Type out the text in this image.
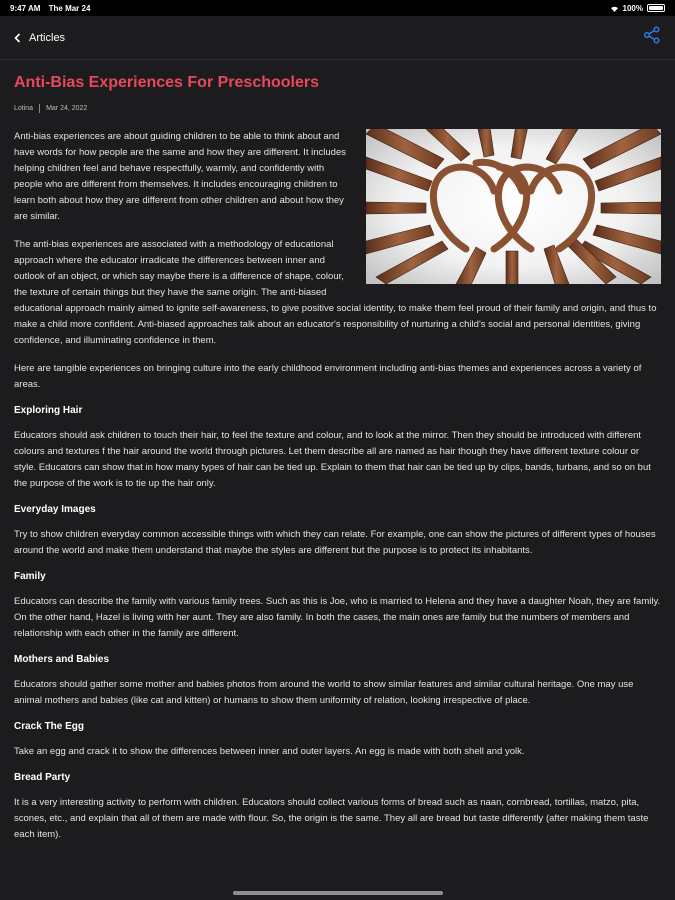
9:47 AM The Mar 24	100%
Articles
Anti-Bias Experiences For Preschoolers
Lotina Mar 24, 2022

Anti-bias experiences are about guiding children to be able to think about and have words for how people are the same and how they are different. It includes helping children feel and behave respectfully, warmly, and confidently with people who are different from themselves. It includes encouraging children to learn both about how they are different from other children and about how they are similar.

The anti-bias experiences are associated with a methodology of educational approach where the educator irradicate the differences between inner and outlook of an object, or which say maybe there is a difference of shape, colour, the texture of certain things but they have the same origin. The anti-biased educational approach mainly aimed to ignite self-awareness, to give positive social identity, to make them feel proud of their family and origin, and thus to make a child more confident. Anti-biased approaches talk about an educator's responsibility of nurturing a child's social and personal identities, giving confidence, and illuminating confidence in them.

Here are tangible experiences on bringing culture into the early childhood environment including anti-bias themes and experiences across a variety of areas.

Exploring Hair

Educators should ask children to touch their hair, to feel the texture and colour, and to look at the mirror. Then they should be introduced with different colours and textures f the hair around the world through pictures. Let them describe all are named as hair though they have different texture colour or style. Educators can show that in how many types of hair can be tied up. Explain to them that hair can be tied up by clips, bands, turbans, and so on but the purpose of the work is to tie up the hair only.

Everyday Images

Try to show children everyday common accessible things with which they can relate. For example, one can show the pictures of different types of houses around the world and make them understand that maybe the styles are different but the purpose is to protect its inhabitants.

Family

Educators can describe the family with various family trees. Such as this is Joe, who is married to Helena and they have a daughter Noah, they are family. On the other hand, Hazel is living with her aunt. They are also family. In both the cases, the main ones are family but the numbers of members and relationship with each other in the family are different.

Mothers and Babies

Educators should gather some mother and babies photos from around the world to show similar features and similar cultural heritage. One may use animal mothers and babies (like cat and kitten) or humans to show them uniformity of relation, looking irrespective of place.

Crack The Egg

Take an egg and crack it to show the differences between inner and outer layers. An egg is made with both shell and yolk.

Bread Party

It is a very interesting activity to perform with children. Educators should collect various forms of bread such as naan, cornbread, tortillas, matzo, pita, scones, etc., and explain that all of them are made with flour. So, the origin is the same. They all are bread but taste differently (after making them taste each item).
